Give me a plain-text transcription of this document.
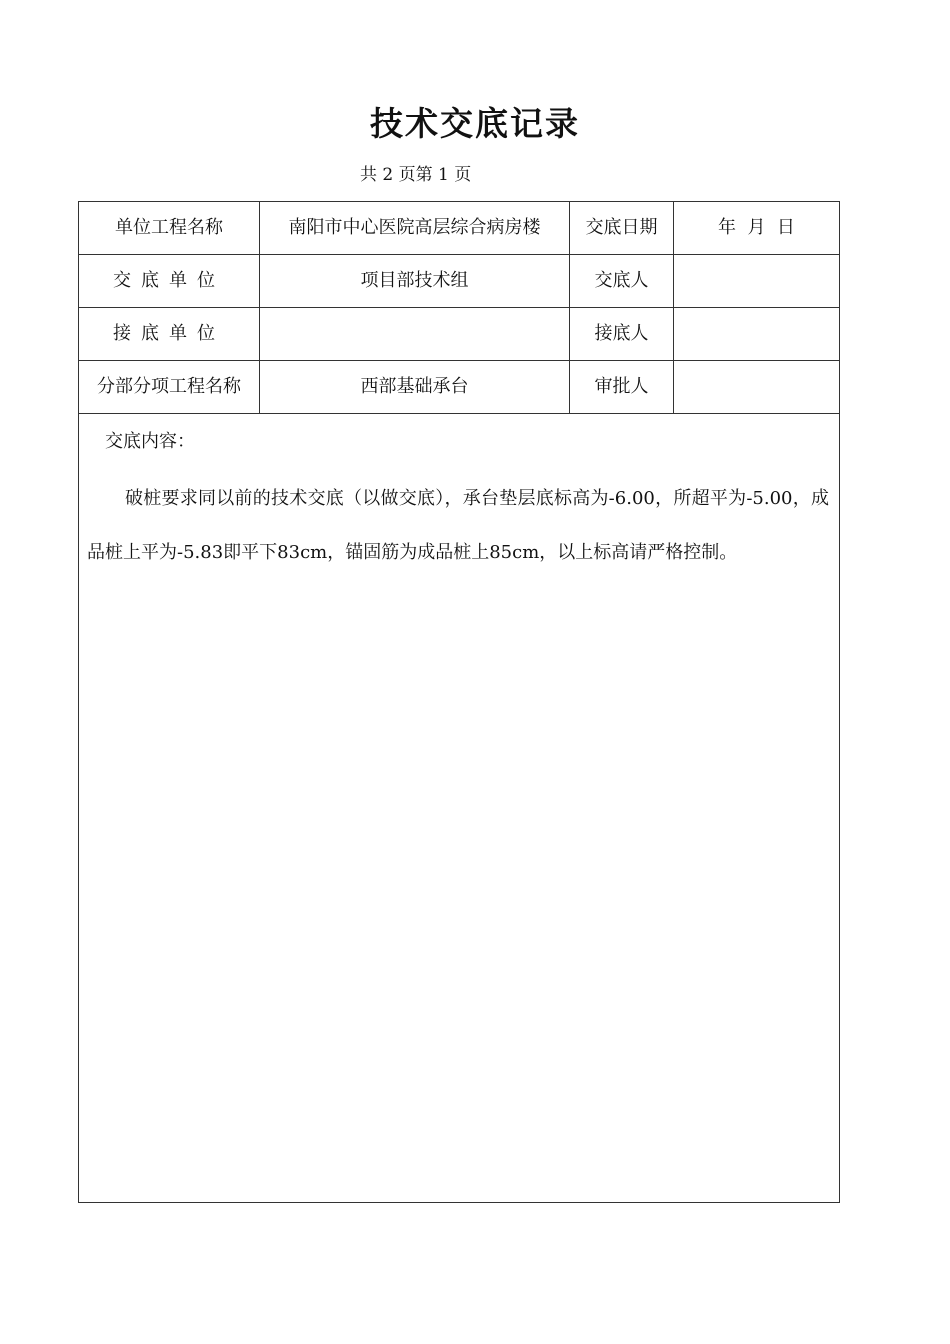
技术交底记录
共 2 页第 1 页
单位工程名称	南阳市中心医院高层综合病房楼	交底日期	年  月  日
交底单位	项目部技术组	交底人	
接底单位		接底人	
分部分项工程名称	西部基础承台	审批人	

交底内容：
破桩要求同以前的技术交底（以做交底），承台垫层底标高为-6.00，所超平为-5.00，成品桩上平为-5.83即平下83cm，锚固筋为成品桩上85cm，以上标高请严格控制。			
